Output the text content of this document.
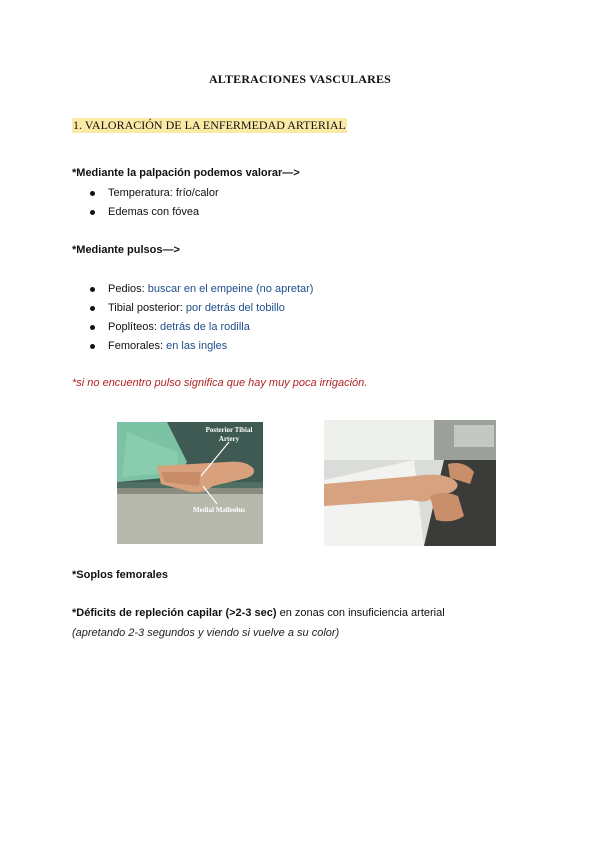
ALTERACIONES VASCULARES
1. VALORACIÓN DE LA ENFERMEDAD ARTERIAL
*Mediante la palpación podemos valorar—>
Temperatura: frío/calor
Edemas con fóvea
*Mediante pulsos—>
Pedios: buscar en el empeine (no apretar)
Tibial posterior: por detrás del tobillo
Poplíteos: detrás de la rodilla
Femorales: en las ingles
*si no encuentro pulso significa que hay muy poca irrigación.
Posterior Tibial
Artery
Medial Malleolus
*Soplos femorales
*Déficits de repleción capilar (>2-3 sec) en zonas con insuficiencia arterial
(apretando 2-3 segundos y viendo si vuelve a su color)
